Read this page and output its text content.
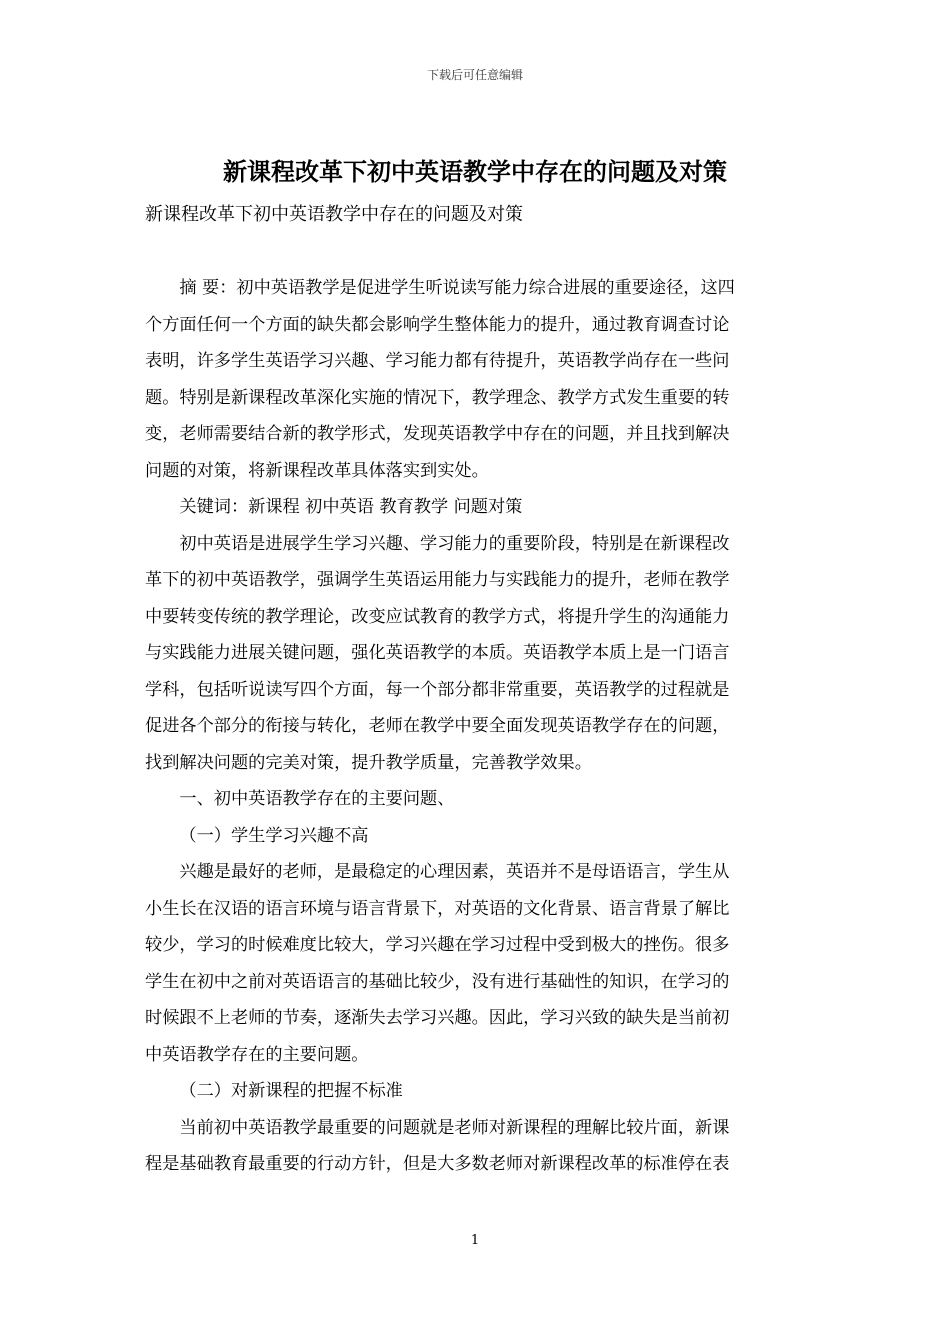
下载后可任意编辑
新课程改革下初中英语教学中存在的问题及对策

新课程改革下初中英语教学中存在的问题及对策

摘 要：初中英语教学是促进学生听说读写能力综合进展的重要途径，这四
个方面任何一个方面的缺失都会影响学生整体能力的提升，通过教育调查讨论
表明，许多学生英语学习兴趣、学习能力都有待提升，英语教学尚存在一些问
题。特别是新课程改革深化实施的情况下，教学理念、教学方式发生重要的转
变，老师需要结合新的教学形式，发现英语教学中存在的问题，并且找到解决
问题的对策，将新课程改革具体落实到实处。

关键词：新课程 初中英语 教育教学 问题对策

初中英语是进展学生学习兴趣、学习能力的重要阶段，特别是在新课程改
革下的初中英语教学，强调学生英语运用能力与实践能力的提升，老师在教学
中要转变传统的教学理论，改变应试教育的教学方式，将提升学生的沟通能力
与实践能力进展关键问题，强化英语教学的本质。英语教学本质上是一门语言
学科，包括听说读写四个方面，每一个部分都非常重要，英语教学的过程就是
促进各个部分的衔接与转化，老师在教学中要全面发现英语教学存在的问题，
找到解决问题的完美对策，提升教学质量，完善教学效果。

一、初中英语教学存在的主要问题、

（一）学生学习兴趣不高

兴趣是最好的老师，是最稳定的心理因素，英语并不是母语语言，学生从
小生长在汉语的语言环境与语言背景下，对英语的文化背景、语言背景了解比
较少，学习的时候难度比较大，学习兴趣在学习过程中受到极大的挫伤。很多
学生在初中之前对英语语言的基础比较少，没有进行基础性的知识，在学习的
时候跟不上老师的节奏，逐渐失去学习兴趣。因此，学习兴致的缺失是当前初
中英语教学存在的主要问题。

（二）对新课程的把握不标准

当前初中英语教学最重要的问题就是老师对新课程的理解比较片面，新课
程是基础教育最重要的行动方针，但是大多数老师对新课程改革的标准停在表

1
